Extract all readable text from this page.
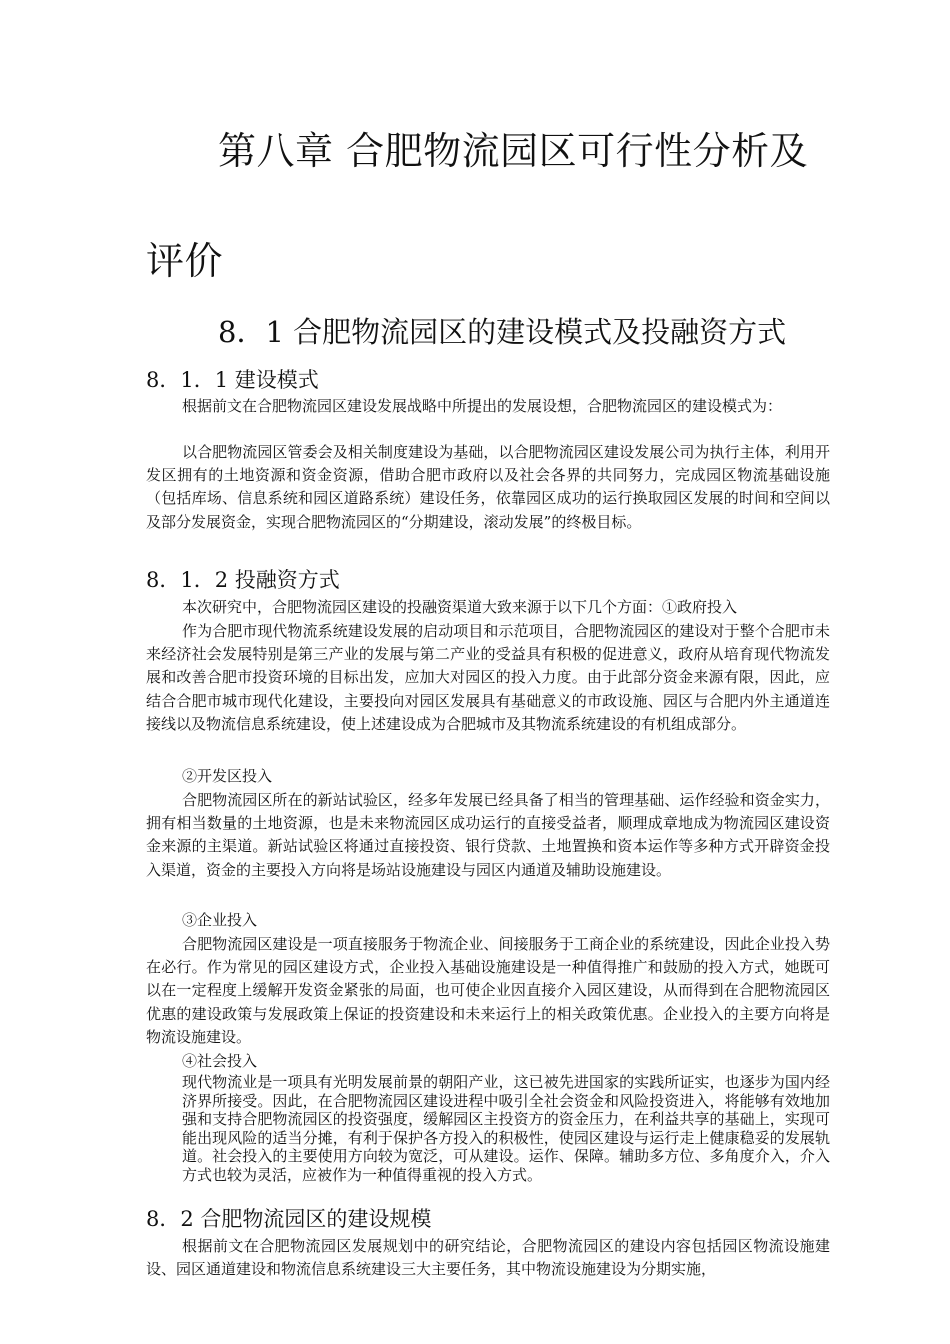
第八章 合肥物流园区可行性分析及评价
8．1 合肥物流园区的建设模式及投融资方式
8．1．1 建设模式

根据前文在合肥物流园区建设发展战略中所提出的发展设想，合肥物流园区的建设模式为：

以合肥物流园区管委会及相关制度建设为基础，以合肥物流园区建设发展公司为执行主体，利用开发区拥有的土地资源和资金资源，借助合肥市政府以及社会各界的共同努力，完成园区物流基础设施（包括库场、信息系统和园区道路系统）建设任务，依靠园区成功的运行换取园区发展的时间和空间以及部分发展资金，实现合肥物流园区的“分期建设，滚动发展”的终极目标。

8．1．2 投融资方式

本次研究中，合肥物流园区建设的投融资渠道大致来源于以下几个方面：①政府投入

作为合肥市现代物流系统建设发展的启动项目和示范项目，合肥物流园区的建设对于整个合肥市未来经济社会发展特别是第三产业的发展与第二产业的受益具有积极的促进意义，政府从培育现代物流发展和改善合肥市投资环境的目标出发，应加大对园区的投入力度。由于此部分资金来源有限，因此，应结合合肥市城市现代化建设，主要投向对园区发展具有基础意义的市政设施、园区与合肥内外主通道连接线以及物流信息系统建设，使上述建设成为合肥城市及其物流系统建设的有机组成部分。

②开发区投入

合肥物流园区所在的新站试验区，经多年发展已经具备了相当的管理基础、运作经验和资金实力，拥有相当数量的土地资源，也是未来物流园区成功运行的直接受益者，顺理成章地成为物流园区建设资金来源的主渠道。新站试验区将通过直接投资、银行贷款、土地置换和资本运作等多种方式开辟资金投入渠道，资金的主要投入方向将是场站设施建设与园区内通道及辅助设施建设。

③企业投入

合肥物流园区建设是一项直接服务于物流企业、间接服务于工商企业的系统建设，因此企业投入势在必行。作为常见的园区建设方式，企业投入基础设施建设是一种值得推广和鼓励的投入方式，她既可以在一定程度上缓解开发资金紧张的局面，也可使企业因直接介入园区建设，从而得到在合肥物流园区优惠的建设政策与发展政策上保证的投资建设和未来运行上的相关政策优惠。企业投入的主要方向将是物流设施建设。

④社会投入

现代物流业是一项具有光明发展前景的朝阳产业，这已被先进国家的实践所证实，也逐步为国内经济界所接受。因此，在合肥物流园区建设进程中吸引全社会资金和风险投资进入，将能够有效地加强和支持合肥物流园区的投资强度，缓解园区主投资方的资金压力，在利益共享的基础上，实现可能出现风险的适当分摊，有利于保护各方投入的积极性，使园区建设与运行走上健康稳妥的发展轨道。社会投入的主要使用方向较为宽泛，可从建设。运作、保障。辅助多方位、多角度介入，介入方式也较为灵活，应被作为一种值得重视的投入方式。

8．2 合肥物流园区的建设规模

根据前文在合肥物流园区发展规划中的研究结论，合肥物流园区的建设内容包括园区物流设施建设、园区通道建设和物流信息系统建设三大主要任务，其中物流设施建设为分期实施，
